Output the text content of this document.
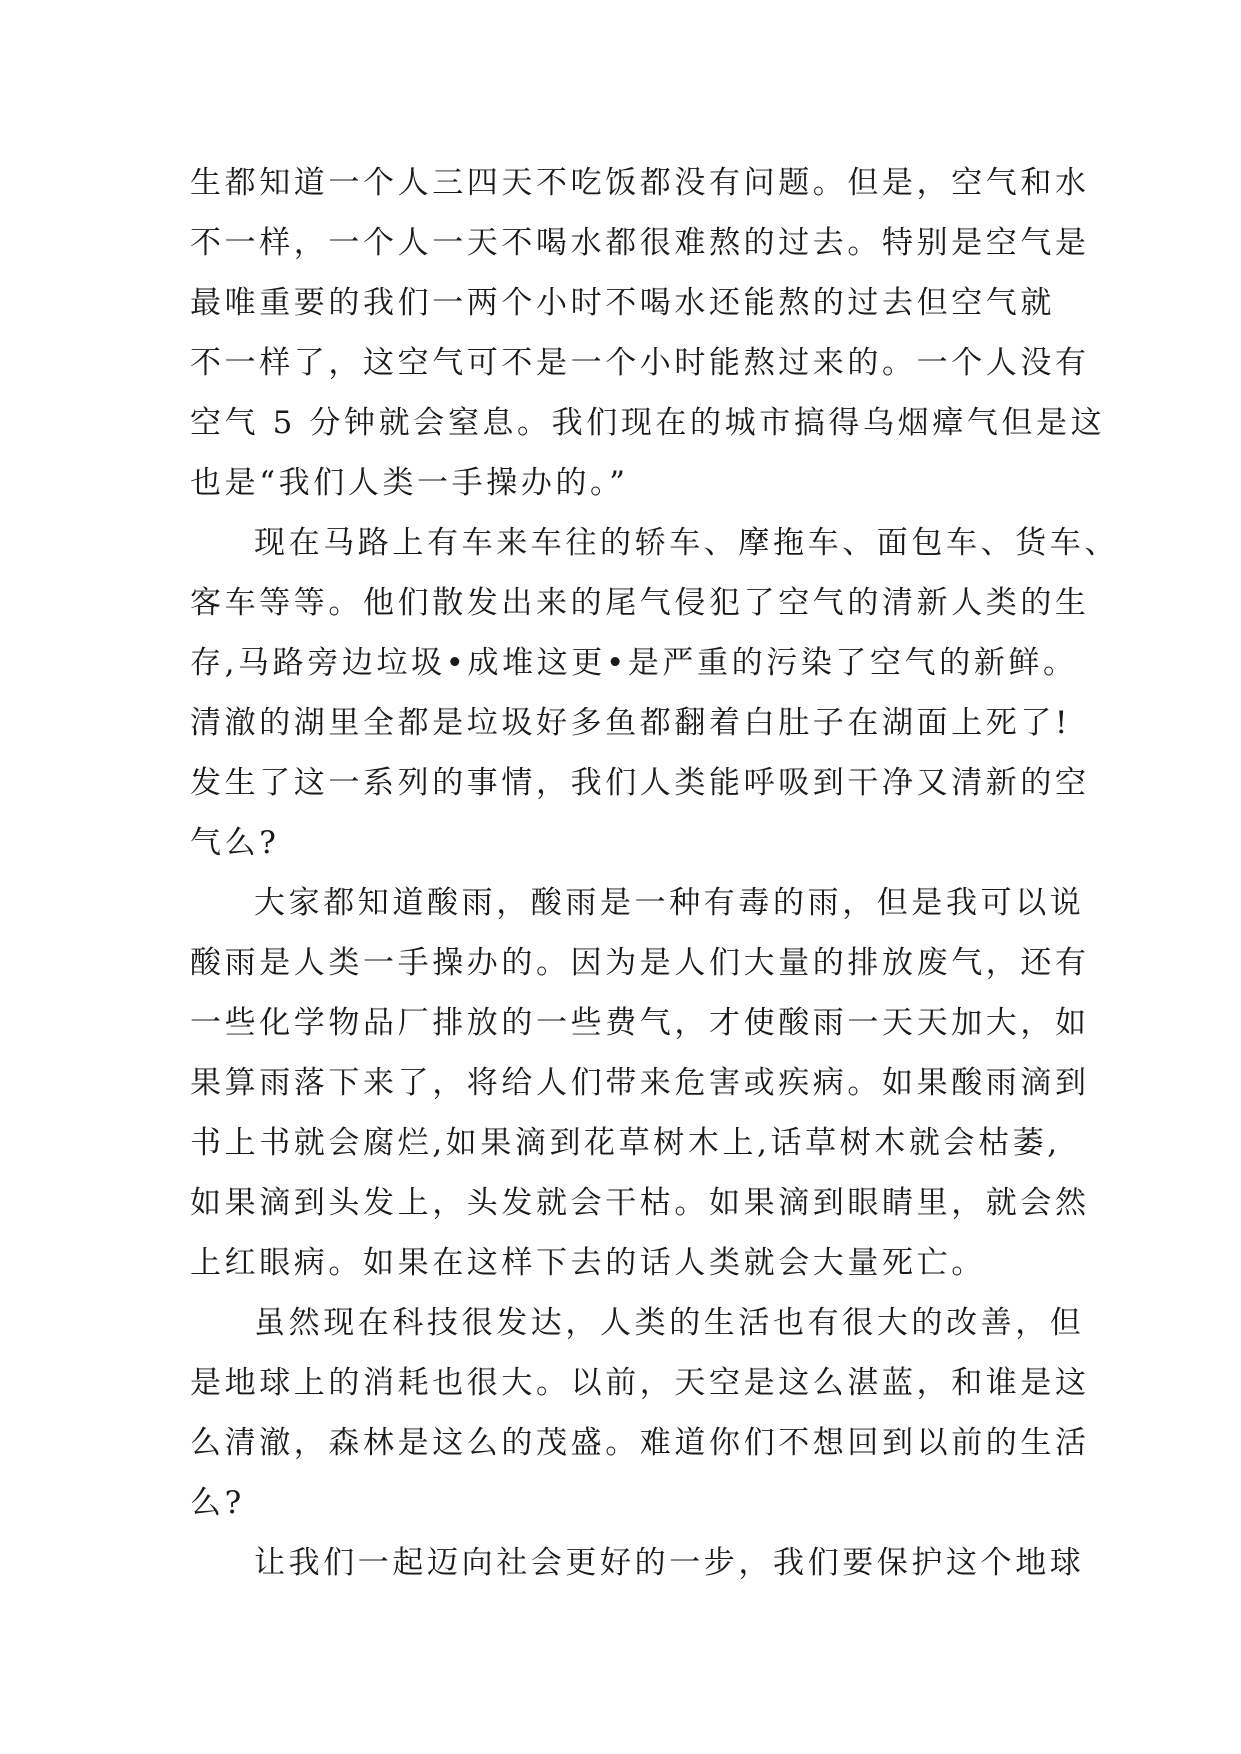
生都知道一个人三四天不吃饭都没有问题。但是，空气和水
不一样，一个人一天不喝水都很难熬的过去。特别是空气是
最唯重要的我们一两个小时不喝水还能熬的过去但空气就
不一样了，这空气可不是一个小时能熬过来的。一个人没有
空气 5 分钟就会窒息。我们现在的城市搞得乌烟瘴气但是这
也是“我们人类一手操办的。”
现在马路上有车来车往的轿车、摩拖车、面包车、货车、
客车等等。他们散发出来的尾气侵犯了空气的清新人类的生
存,马路旁边垃圾•成堆这更•是严重的污染了空气的新鲜。
清澈的湖里全都是垃圾好多鱼都翻着白肚子在湖面上死了!
发生了这一系列的事情，我们人类能呼吸到干净又清新的空
气么?
大家都知道酸雨，酸雨是一种有毒的雨，但是我可以说
酸雨是人类一手操办的。因为是人们大量的排放废气，还有
一些化学物品厂排放的一些费气，才使酸雨一天天加大，如
果算雨落下来了，将给人们带来危害或疾病。如果酸雨滴到
书上书就会腐烂,如果滴到花草树木上,话草树木就会枯萎,
如果滴到头发上，头发就会干枯。如果滴到眼睛里，就会然
上红眼病。如果在这样下去的话人类就会大量死亡。
虽然现在科技很发达，人类的生活也有很大的改善，但
是地球上的消耗也很大。以前，天空是这么湛蓝，和谁是这
么清澈，森林是这么的茂盛。难道你们不想回到以前的生活
么?
让我们一起迈向社会更好的一步，我们要保护这个地球
